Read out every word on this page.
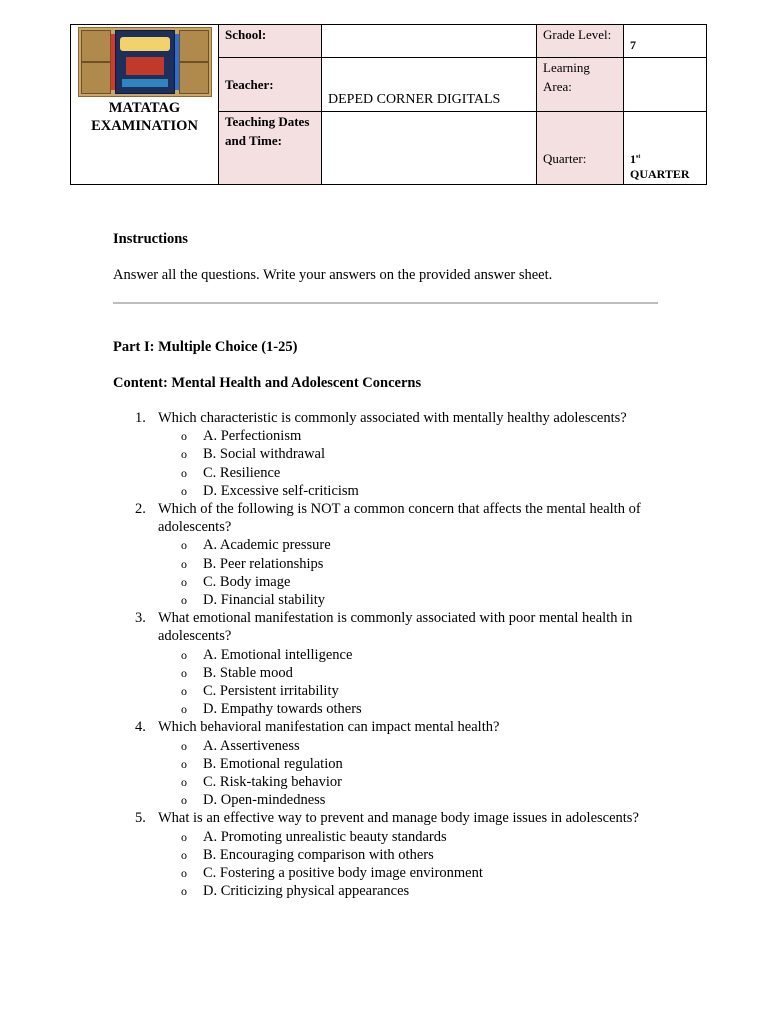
MATATAG
EXAMINATION	School:		Grade Level:	7
	Teacher:	DEPED CORNER DIGITALS	Learning Area:	
	Teaching Dates and Time:		Quarter:	1st
QUARTER

Instructions

Answer all the questions. Write your answers on the provided answer sheet.

Part I: Multiple Choice (1-25)

Content: Mental Health and Adolescent Concerns

1. Which characteristic is commonly associated with mentally healthy adolescents?
o A. Perfectionism
o B. Social withdrawal
o C. Resilience
o D. Excessive self-criticism
2. Which of the following is NOT a common concern that affects the mental health of adolescents?
o A. Academic pressure
o B. Peer relationships
o C. Body image
o D. Financial stability
3. What emotional manifestation is commonly associated with poor mental health in adolescents?
o A. Emotional intelligence
o B. Stable mood
o C. Persistent irritability
o D. Empathy towards others
4. Which behavioral manifestation can impact mental health?
o A. Assertiveness
o B. Emotional regulation
o C. Risk-taking behavior
o D. Open-mindedness
5. What is an effective way to prevent and manage body image issues in adolescents?
o A. Promoting unrealistic beauty standards
o B. Encouraging comparison with others
o C. Fostering a positive body image environment
o D. Criticizing physical appearances
